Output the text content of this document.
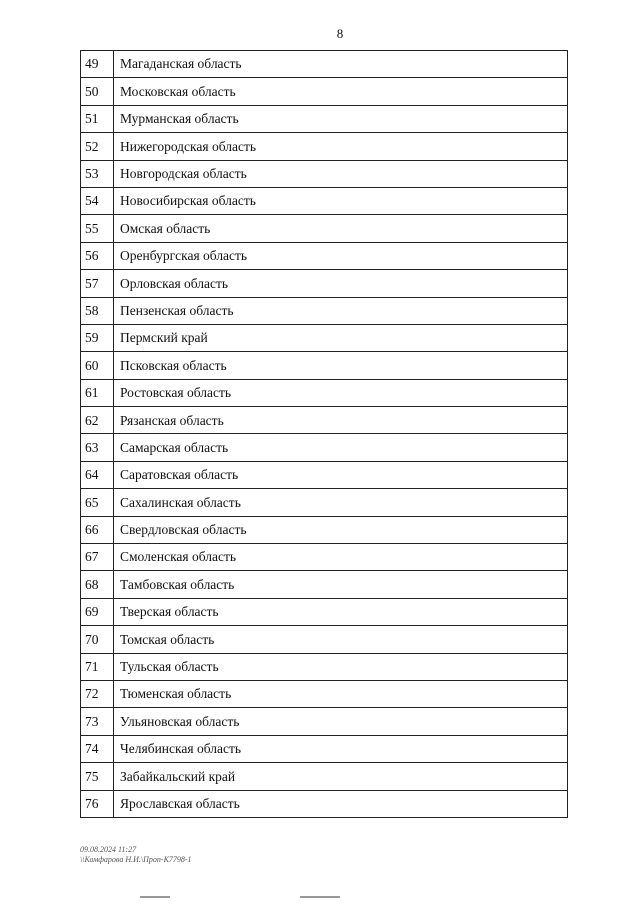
8
49	Магаданская область
50	Московская область
51	Мурманская область
52	Нижегородская область
53	Новгородская область
54	Новосибирская область
55	Омская область
56	Оренбургская область
57	Орловская область
58	Пензенская область
59	Пермский край
60	Псковская область
61	Ростовская область
62	Рязанская область
63	Самарская область
64	Саратовская область
65	Сахалинская область
66	Свердловская область
67	Смоленская область
68	Тамбовская область
69	Тверская область
70	Томская область
71	Тульская область
72	Тюменская область
73	Ульяновская область
74	Челябинская область
75	Забайкальский край
76	Ярославская область
09.08.2024 11:27
\\Комфарова Н.И.\Проп-К7798-1
